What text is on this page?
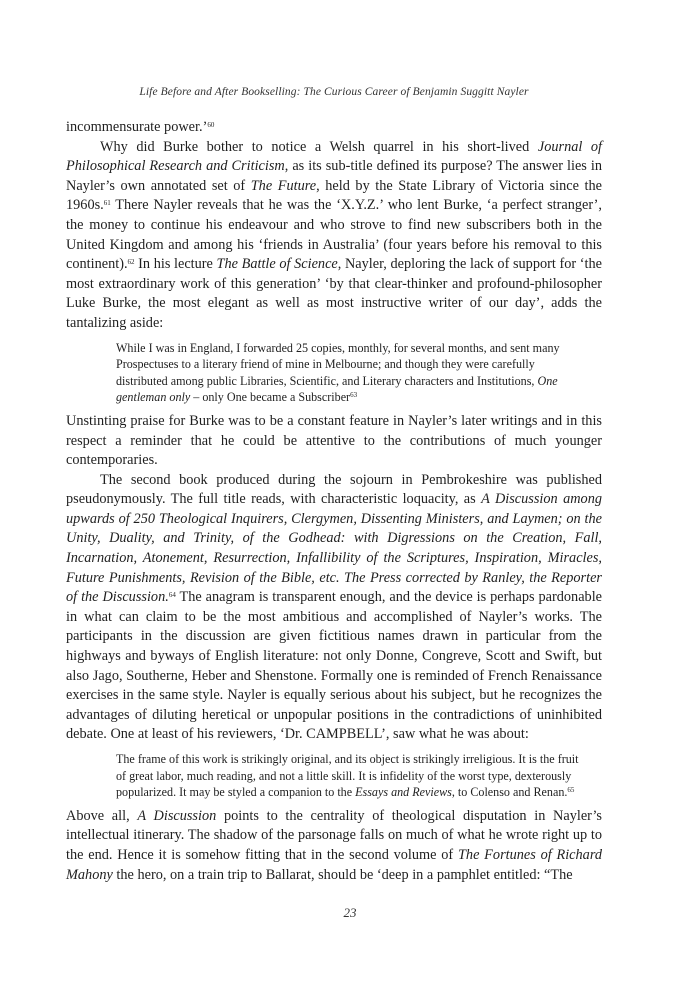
Life Before and After Bookselling: The Curious Career of Benjamin Suggitt Nayler

incommensurate power.’$^{60}$

Why did Burke bother to notice a Welsh quarrel in his short-lived Journal of Philosophical Research and Criticism, as its sub-title defined its purpose? The answer lies in Nayler’s own annotated set of The Future, held by the State Library of Victoria since the 1960s.$^{61}$ There Nayler reveals that he was the ‘X.Y.Z.’ who lent Burke, ‘a perfect stranger’, the money to continue his endeavour and who strove to find new subscribers both in the United Kingdom and among his ‘friends in Australia’ (four years before his removal to this continent).$^{62}$ In his lecture The Battle of Science, Nayler, deploring the lack of support for ‘the most extraordinary work of this generation’ ‘by that clear-thinker and profound-philosopher Luke Burke, the most elegant as well as most instructive writer of our day’, adds the tantalizing aside:

While I was in England, I forwarded 25 copies, monthly, for several months, and sent many Prospectuses to a literary friend of mine in Melbourne; and though they were carefully distributed among public Libraries, Scientific, and Literary characters and Institutions, One gentleman only – only One became a Subscriber$^{63}$

Unstinting praise for Burke was to be a constant feature in Nayler’s later writings and in this respect a reminder that he could be attentive to the contributions of much younger contemporaries.

The second book produced during the sojourn in Pembrokeshire was published pseudonymously. The full title reads, with characteristic loquacity, as A Discussion among upwards of 250 Theological Inquirers, Clergymen, Dissenting Ministers, and Laymen; on the Unity, Duality, and Trinity, of the Godhead: with Digressions on the Creation, Fall, Incarnation, Atonement, Resurrection, Infallibility of the Scriptures, Inspiration, Miracles, Future Punishments, Revision of the Bible, etc. The Press corrected by Ranley, the Reporter of the Discussion.$^{64}$ The anagram is transparent enough, and the device is perhaps pardonable in what can claim to be the most ambitious and accomplished of Nayler’s works. The participants in the discussion are given fictitious names drawn in particular from the highways and byways of English literature: not only Donne, Congreve, Scott and Swift, but also Jago, Southerne, Heber and Shenstone. Formally one is reminded of French Renaissance exercises in the same style. Nayler is equally serious about his subject, but he recognizes the advantages of diluting heretical or unpopular positions in the contradictions of uninhibited debate. One at least of his reviewers, ‘Dr. CAMPBELL’, saw what he was about:

The frame of this work is strikingly original, and its object is strikingly irreligious. It is the fruit of great labor, much reading, and not a little skill. It is infidelity of the worst type, dexterously popularized. It may be styled a companion to the Essays and Reviews, to Colenso and Renan.$^{65}$

Above all, A Discussion points to the centrality of theological disputation in Nayler’s intellectual itinerary. The shadow of the parsonage falls on much of what he wrote right up to the end. Hence it is somehow fitting that in the second volume of The Fortunes of Richard Mahony the hero, on a train trip to Ballarat, should be ‘deep in a pamphlet entitled: “The

23
